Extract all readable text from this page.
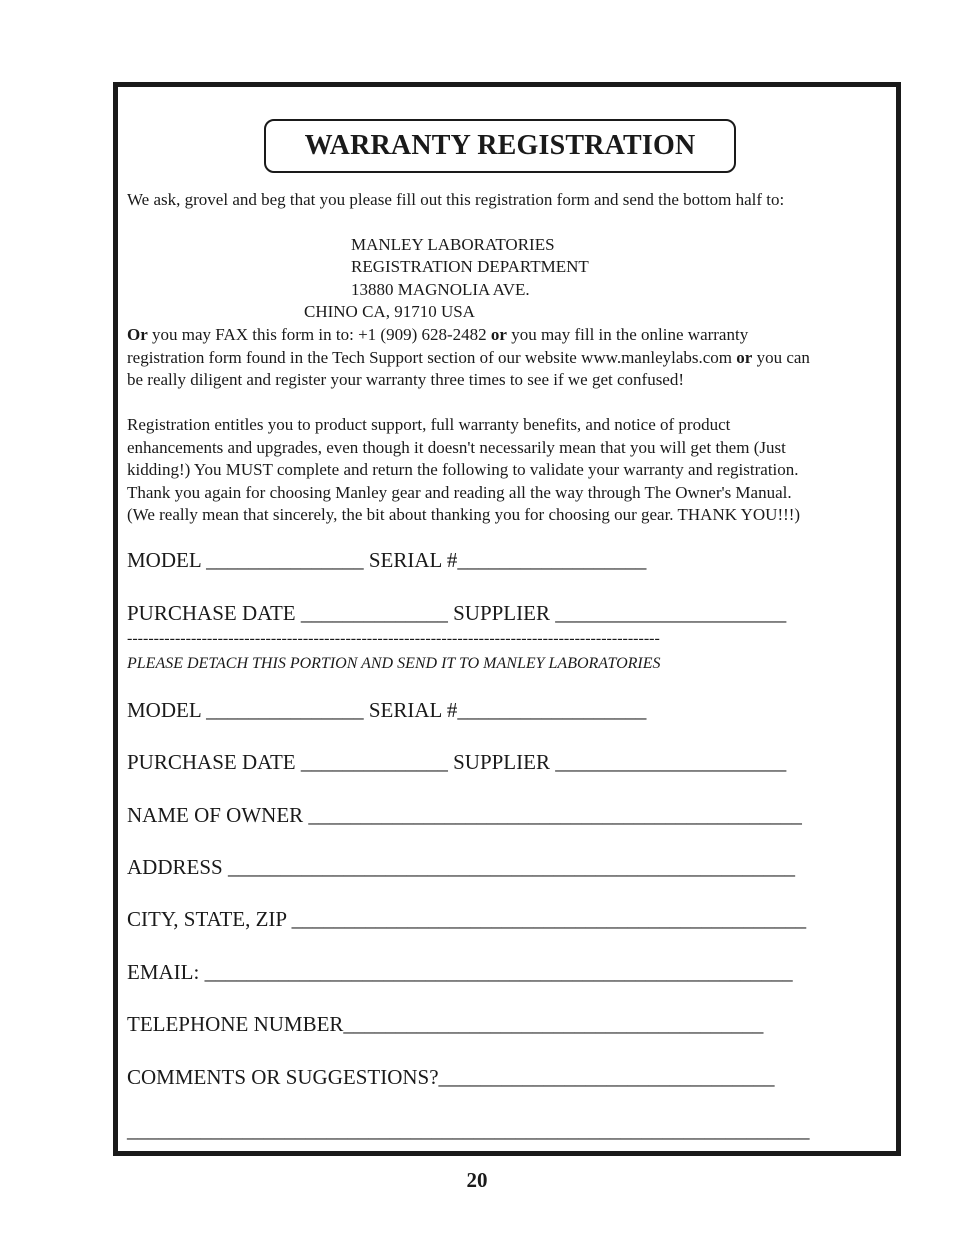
WARRANTY REGISTRATION
We ask, grovel and beg that you please fill out this registration form and send the bottom half to:
MANLEY LABORATORIES
REGISTRATION DEPARTMENT
13880 MAGNOLIA AVE.
CHINO CA, 91710 USA
Or you may FAX this form in to: +1 (909) 628-2482 or you may fill in the online warranty
registration form found in the Tech Support section of our website www.manleylabs.com or you can
be really diligent and register your warranty three times to see if we get confused!
Registration entitles you to product support, full warranty benefits, and notice of product
enhancements and upgrades, even though it doesn't necessarily mean that you will get them (Just
kidding!) You MUST complete and return the following to validate your warranty and registration.
Thank you again for choosing Manley gear and reading all the way through The Owner's Manual.
(We really mean that sincerely, the bit about thanking you for choosing our gear. THANK YOU!!!)
MODEL _______________ SERIAL #__________________
PURCHASE DATE ______________ SUPPLIER ______________________
----------------------------------------------------------------------------------------------------
PLEASE DETACH THIS PORTION AND SEND IT TO MANLEY LABORATORIES
MODEL _______________ SERIAL #__________________
PURCHASE DATE ______________ SUPPLIER ______________________
NAME OF OWNER _______________________________________________
ADDRESS ______________________________________________________
CITY, STATE, ZIP _________________________________________________
EMAIL: ________________________________________________________
TELEPHONE NUMBER________________________________________
COMMENTS OR SUGGESTIONS?________________________________
_________________________________________________________________
20
